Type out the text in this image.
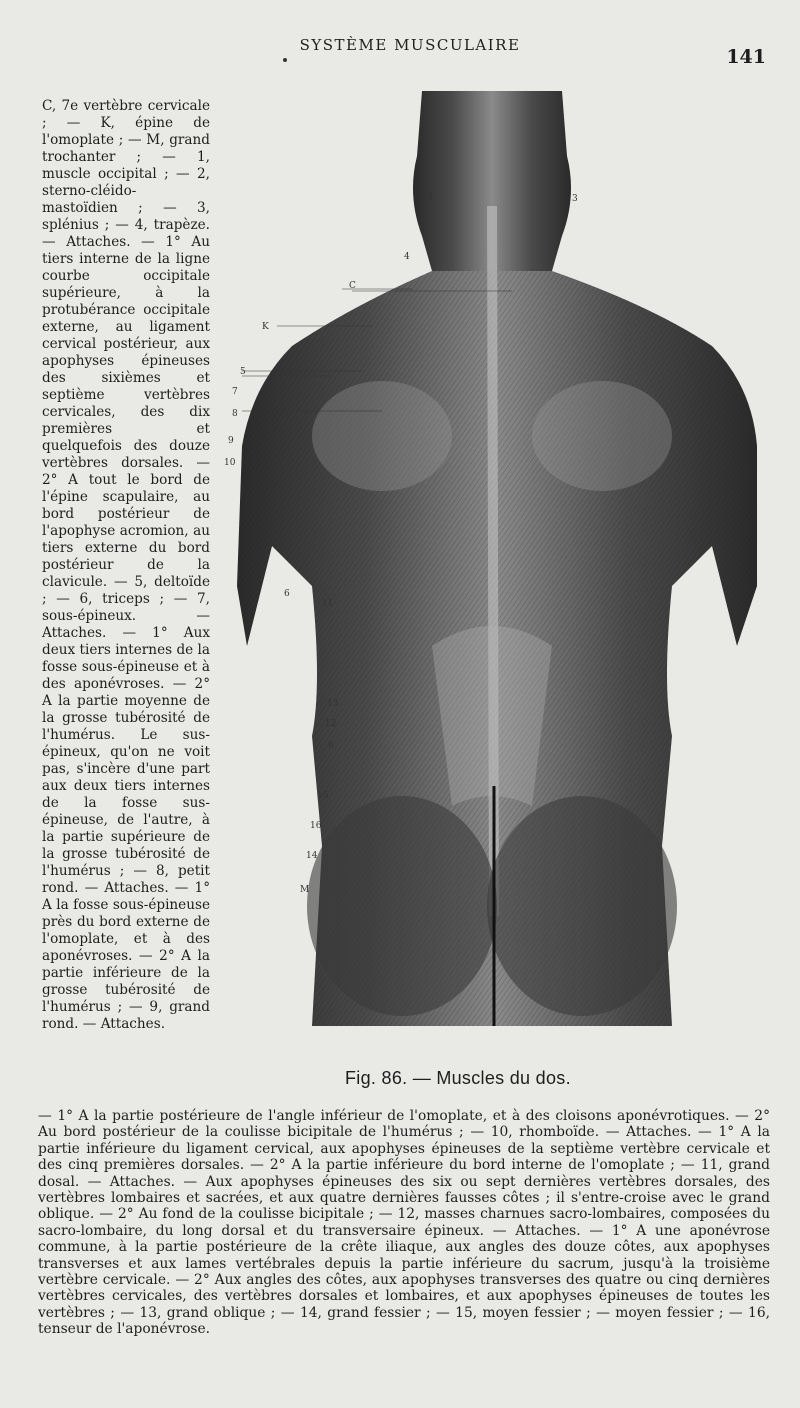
SYSTÈME MUSCULAIRE
141

C, 7e vertèbre cervicale ; — K, épine de l'omoplate ; — M, grand trochanter ; — 1, muscle occipital ; — 2, sterno-cléido-mastoïdien ; — 3, splénius ; — 4, trapèze. — Attaches. — 1° Au tiers interne de la ligne courbe occipitale supérieure, à la protubérance occipitale externe, au ligament cervical postérieur, aux apophyses épineuses des sixièmes et septième vertèbres cervicales, des dix premières et quelquefois des douze vertèbres dorsales. — 2° A tout le bord de l'épine scapulaire, au bord postérieur de l'apophyse acromion, au tiers externe du bord postérieur de la clavicule. — 5, deltoïde ; — 6, triceps ; — 7, sous-épineux. — Attaches. — 1° Aux deux tiers internes de la fosse sous-épineuse et à des aponévroses. — 2° A la partie moyenne de la grosse tubérosité de l'humérus. Le sus-épineux, qu'on ne voit pas, s'incère d'une part aux deux tiers internes de la fosse sus-épineuse, de l'autre, à la partie supérieure de la grosse tubérosité de l'humérus ; — 8, petit rond. — Attaches. — 1° A la fosse sous-épineuse près du bord externe de l'omoplate, et à des aponévroses. — 2° A la partie inférieure de la grosse tubérosité de l'humérus ; — 9, grand rond. — Attaches.

2	3
4
C
K
5
7
8
9
10
6
11
13
12
6
15
16
14
M
Fig. 86. — Muscles du dos.

— 1° A la partie postérieure de l'angle inférieur de l'omoplate, et à des cloisons aponévrotiques. — 2° Au bord postérieur de la coulisse bicipitale de l'humérus ; — 10, rhomboïde. — Attaches. — 1° A la partie inférieure du ligament cervical, aux apophyses épineuses de la septième vertèbre cervicale et des cinq premières dorsales. — 2° A la partie inférieure du bord interne de l'omoplate ; — 11, grand dosal. — Attaches. — Aux apophyses épineuses des six ou sept dernières vertèbres dorsales, des vertèbres lombaires et sacrées, et aux quatre dernières fausses côtes ; il s'entre-croise avec le grand oblique. — 2° Au fond de la coulisse bicipitale ; — 12, masses charnues sacro-lombaires, composées du sacro-lombaire, du long dorsal et du transversaire épineux. — Attaches. — 1° A une aponévrose commune, à la partie postérieure de la crête iliaque, aux angles des douze côtes, aux apophyses transverses et aux lames vertébrales depuis la partie inférieure du sacrum, jusqu'à la troisième vertèbre cervicale. — 2° Aux angles des côtes, aux apophyses transverses des quatre ou cinq dernières vertèbres cervicales, des vertèbres dorsales et lombaires, et aux apophyses épineuses de toutes les vertèbres ; — 13, grand oblique ; — 14, grand fessier ; — 15, moyen fessier ; — moyen fessier ; — 16, tenseur de l'aponévrose.
